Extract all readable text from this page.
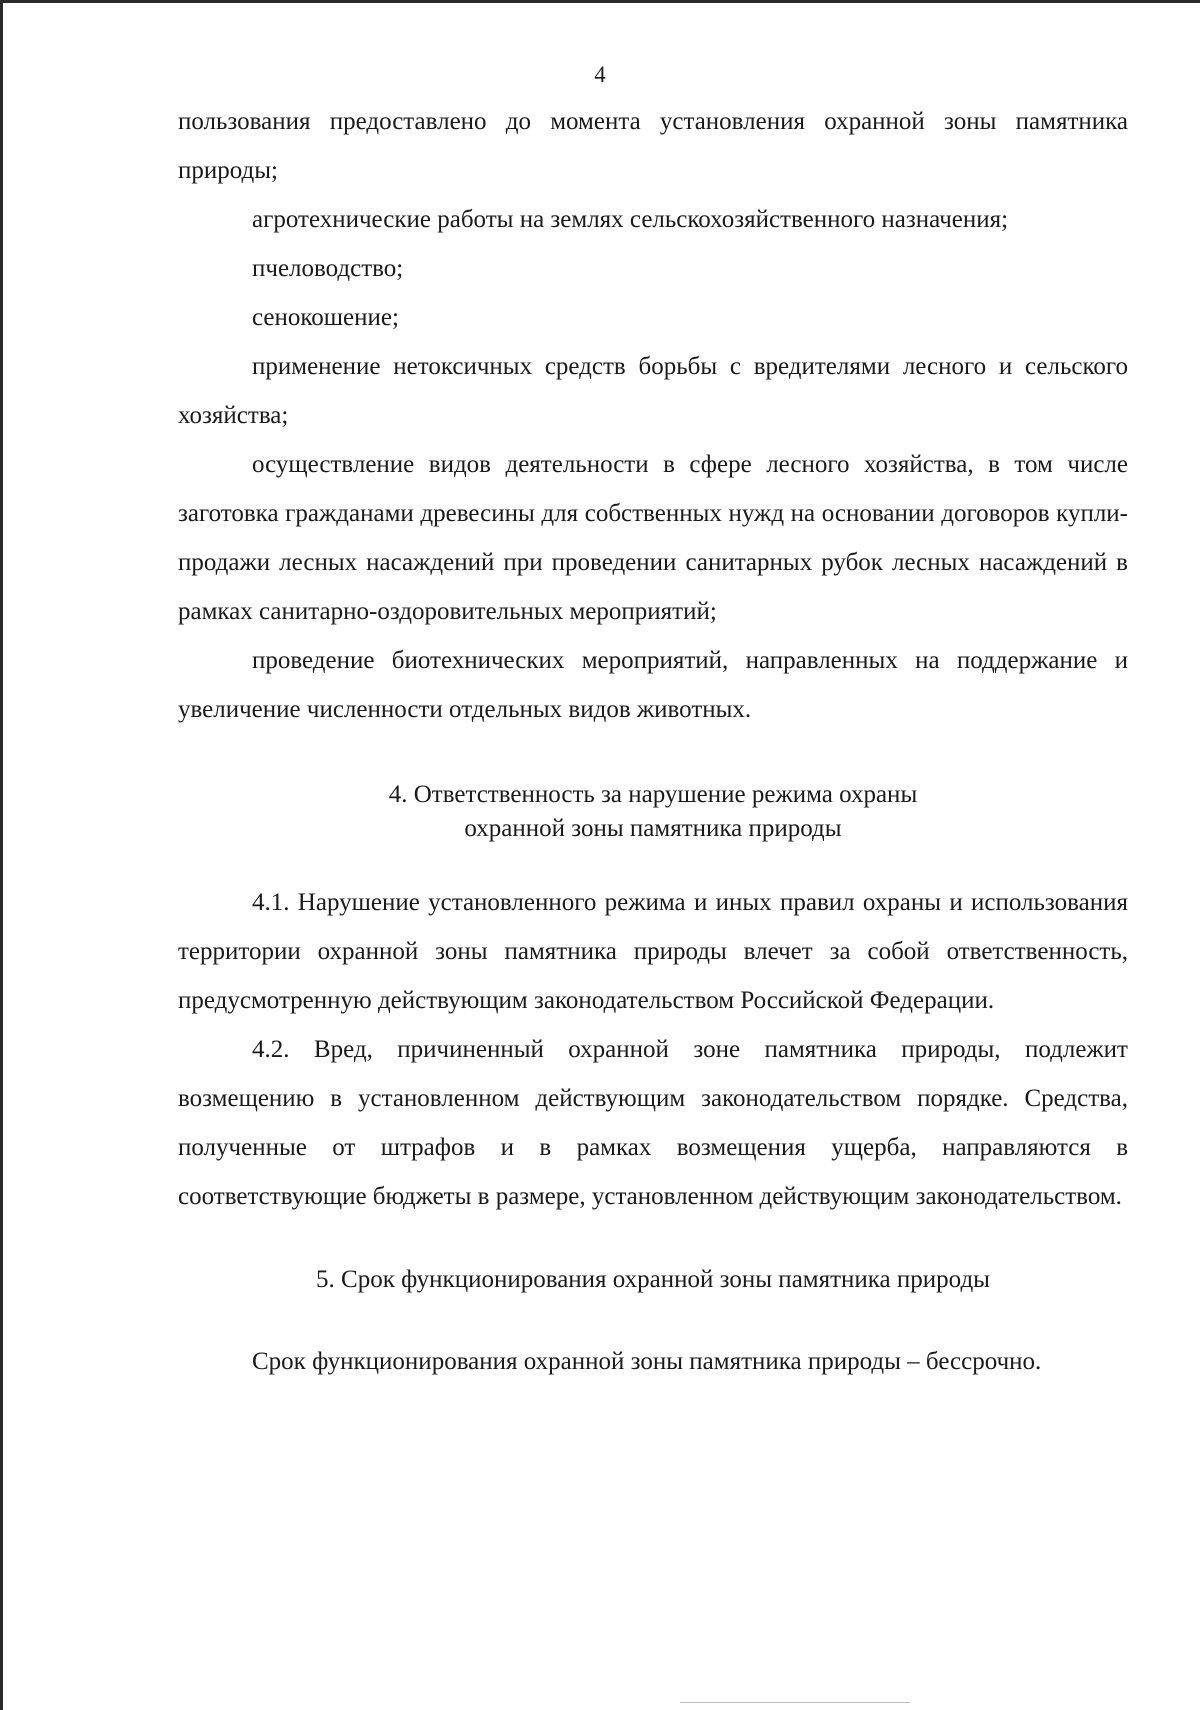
4

пользования предоставлено до момента установления охранной зоны памятника природы;

агротехнические работы на землях сельскохозяйственного назначения;

пчеловодство;

сенокошение;

применение нетоксичных средств борьбы с вредителями лесного и сельского хозяйства;

осуществление видов деятельности в сфере лесного хозяйства, в том числе заготовка гражданами древесины для собственных нужд на основании договоров купли-продажи лесных насаждений при проведении санитарных рубок лесных насаждений в рамках санитарно-оздоровительных мероприятий;

проведение биотехнических мероприятий, направленных на поддержание и увеличение численности отдельных видов животных.

4. Ответственность за нарушение режима охраны
охранной зоны памятника природы

4.1. Нарушение установленного режима и иных правил охраны и использования территории охранной зоны памятника природы влечет за собой ответственность, предусмотренную действующим законодательством Российской Федерации.

4.2. Вред, причиненный охранной зоне памятника природы, подлежит возмещению в установленном действующим законодательством порядке. Средства, полученные от штрафов и в рамках возмещения ущерба, направляются в соответствующие бюджеты в размере, установленном действующим законодательством.

5. Срок функционирования охранной зоны памятника природы

Срок функционирования охранной зоны памятника природы – бессрочно.
